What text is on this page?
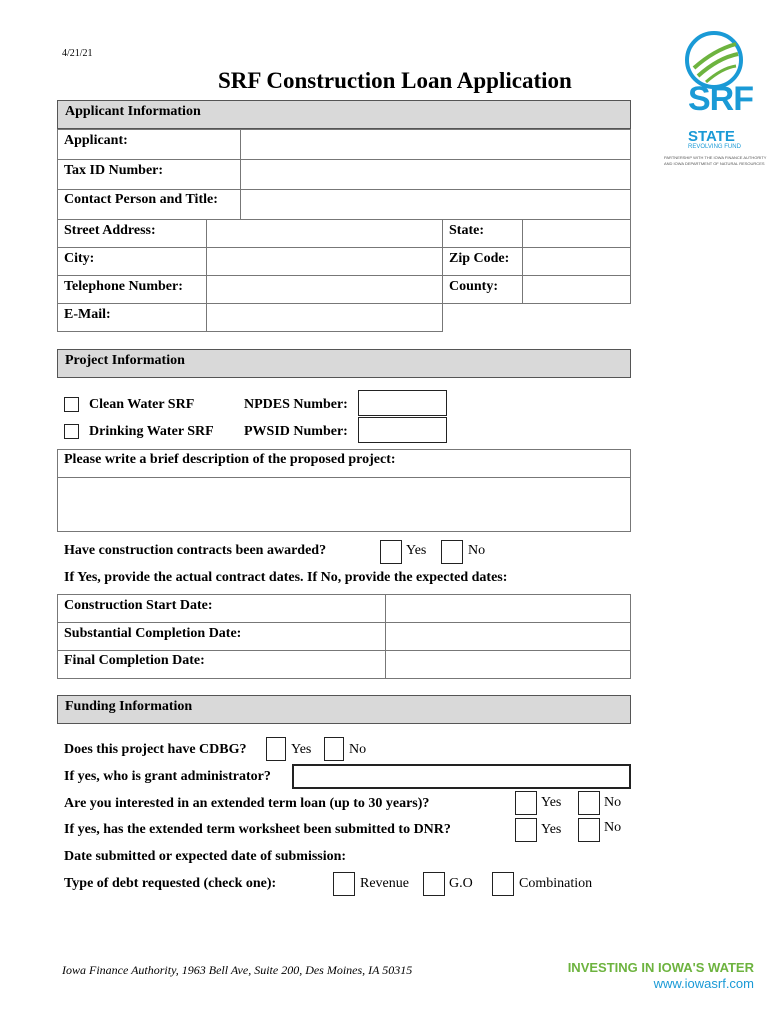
4/21/21
SRF Construction Loan Application	SRF
STATE
REVOLVING FUND
PARTNERSHIP WITH THE IOWA FINANCE AUTHORITY
AND IOWA DEPARTMENT OF NATURAL RESOURCES
Applicant Information
Applicant:
Tax ID Number:
Contact Person and Title:
Street Address:	State:
City:	Zip Code:
Telephone Number:	County:
E-Mail:
Project Information
Clean Water SRF	NPDES Number:
Drinking Water SRF PWSID Number:
Please write a brief description of the proposed project:
Have construction contracts been awarded?	Yes	No
If Yes, provide the actual contract dates. If No, provide the expected dates:
Construction Start Date:
Substantial Completion Date:
Final Completion Date:
Funding Information
Does this project have CDBG?	Yes	No
If yes, who is grant administrator?
Are you interested in an extended term loan (up to 30 years)?	Yes	No
If yes, has the extended term worksheet been submitted to DNR?	Yes	No
Date submitted or expected date of submission:
Type of debt requested (check one):	Revenue	G.O	Combination
Iowa Finance Authority, 1963 Bell Ave, Suite 200, Des Moines, IA 50315	INVESTING IN IOWA'S WATER
www.iowasrf.com
